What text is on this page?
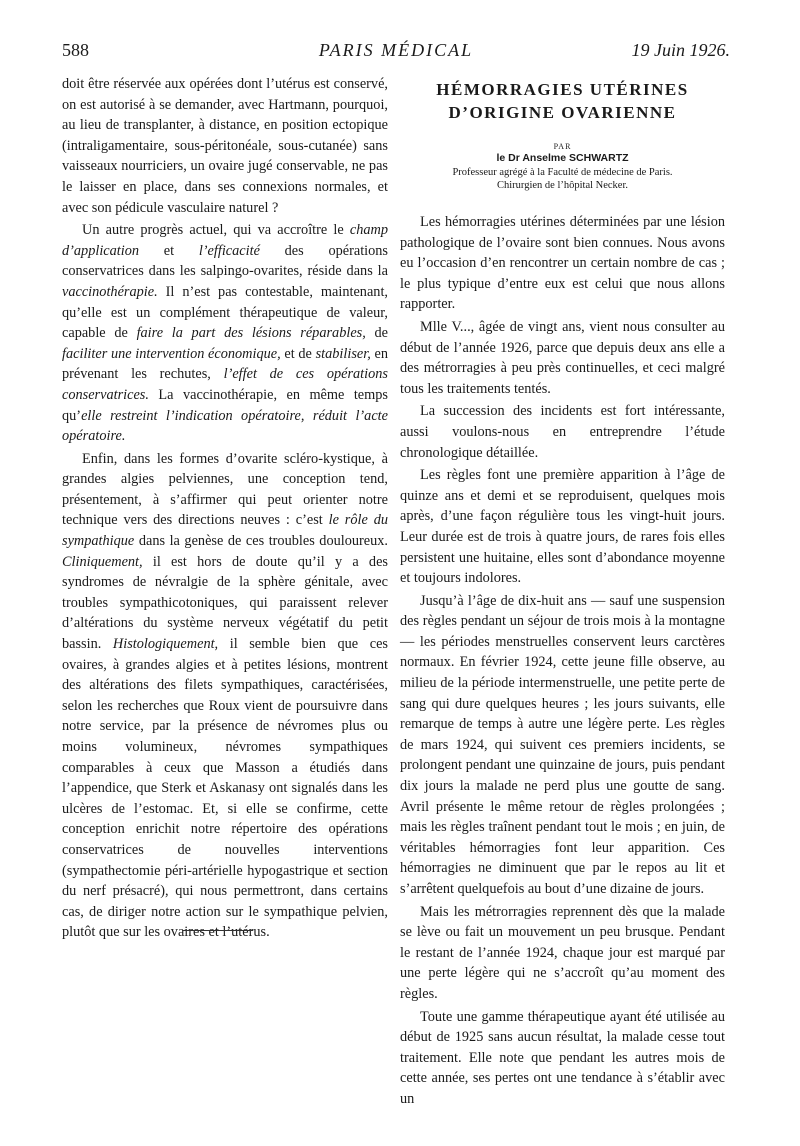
588	PARIS MÉDICAL	19 Juin 1926.

doit être réservée aux opérées dont l’utérus est conservé, on est autorisé à se demander, avec Hartmann, pourquoi, au lieu de transplanter, à distance, en position ectopique (intraligamentaire, sous-péritonéale, sous-cutanée) sans vaisseaux nourriciers, un ovaire jugé conservable, ne pas le laisser en place, dans ses connexions normales, et avec son pédicule vasculaire naturel ?

Un autre progrès actuel, qui va accroître le champ d’application et l’efficacité des opérations conservatrices dans les salpingo-ovarites, réside dans la vaccinothérapie. Il n’est pas contestable, maintenant, qu’elle est un complément thérapeutique de valeur, capable de faire la part des lésions réparables, de faciliter une intervention économique, et de stabiliser, en prévenant les rechutes, l’effet de ces opérations conservatrices. La vaccinothérapie, en même temps qu’elle restreint l’indication opératoire, réduit l’acte opératoire.

Enfin, dans les formes d’ovarite scléro-kystique, à grandes algies pelviennes, une conception tend, présentement, à s’affirmer qui peut orienter notre technique vers des directions neuves : c’est le rôle du sympathique dans la genèse de ces troubles douloureux. Cliniquement, il est hors de doute qu’il y a des syndromes de névralgie de la sphère génitale, avec troubles sympathicotoniques, qui paraissent relever d’altérations du système nerveux végétatif du petit bassin. Histologiquement, il semble bien que ces ovaires, à grandes algies et à petites lésions, montrent des altérations des filets sympathiques, caractérisées, selon les recherches que Roux vient de poursuivre dans notre service, par la présence de névromes plus ou moins volumineux, névromes sympathiques comparables à ceux que Masson a étudiés dans l’appendice, que Sterk et Askanasy ont signalés dans les ulcères de l’estomac. Et, si elle se confirme, cette conception enrichit notre répertoire des opérations conservatrices de nouvelles interventions (sympathectomie péri-artérielle hypogastrique et section du nerf présacré), qui nous permettront, dans certains cas, de diriger notre action sur le sympathique pelvien, plutôt que sur les ovaires et l’utérus.

HÉMORRAGIES UTÉRINES
D’ORIGINE OVARIENNE
PAR
le Dr Anselme SCHWARTZ
Professeur agrégé à la Faculté de médecine de Paris.
Chirurgien de l’hôpital Necker.

Les hémorragies utérines déterminées par une lésion pathologique de l’ovaire sont bien connues. Nous avons eu l’occasion d’en rencontrer un certain nombre de cas ; le plus typique d’entre eux est celui que nous allons rapporter.

Mlle V..., âgée de vingt ans, vient nous consulter au début de l’année 1926, parce que depuis deux ans elle a des métrorragies à peu près continuelles, et ceci malgré tous les traitements tentés.

La succession des incidents est fort intéressante, aussi voulons-nous en entreprendre l’étude chronologique détaillée.

Les règles font une première apparition à l’âge de quinze ans et demi et se reproduisent, quelques mois après, d’une façon régulière tous les vingt-huit jours. Leur durée est de trois à quatre jours, de rares fois elles persistent une huitaine, elles sont d’abondance moyenne et toujours indolores.

Jusqu’à l’âge de dix-huit ans — sauf une suspension des règles pendant un séjour de trois mois à la montagne — les périodes menstruelles conservent leurs carctères normaux. En février 1924, cette jeune fille observe, au milieu de la période intermenstruelle, une petite perte de sang qui dure quelques heures ; les jours suivants, elle remarque de temps à autre une légère perte. Les règles de mars 1924, qui suivent ces premiers incidents, se prolongent pendant une quinzaine de jours, puis pendant dix jours la malade ne perd plus une goutte de sang. Avril présente le même retour de règles prolongées ; mais les règles traînent pendant tout le mois ; en juin, de véritables hémorragies font leur apparition. Ces hémorragies ne diminuent que par le repos au lit et s’arrêtent quelquefois au bout d’une dizaine de jours.

Mais les métrorragies reprennent dès que la malade se lève ou fait un mouvement un peu brusque. Pendant le restant de l’année 1924, chaque jour est marqué par une perte légère qui ne s’accroît qu’au moment des règles.

Toute une gamme thérapeutique ayant été utilisée au début de 1925 sans aucun résultat, la malade cesse tout traitement. Elle note que pendant les autres mois de cette année, ses pertes ont une tendance à s’établir avec un
